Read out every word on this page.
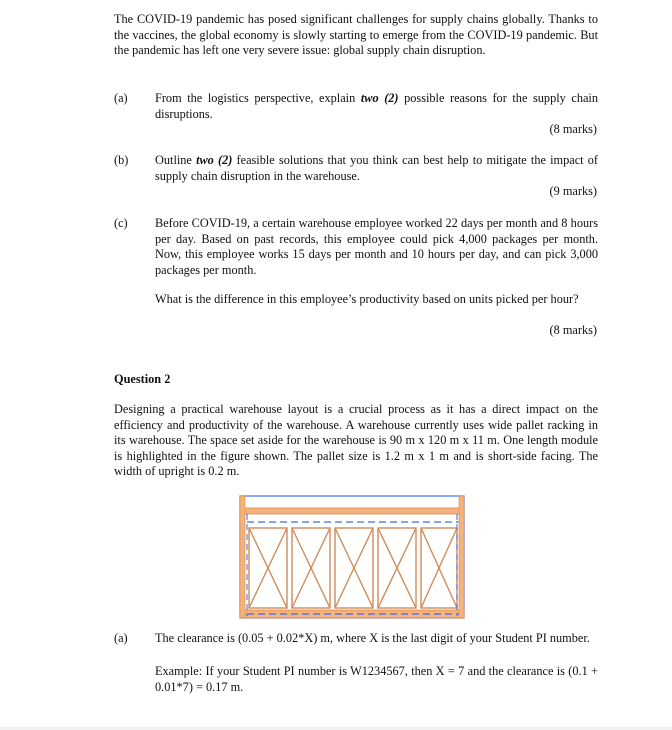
The COVID-19 pandemic has posed significant challenges for supply chains globally. Thanks to the vaccines, the global economy is slowly starting to emerge from the COVID-19 pandemic. But the pandemic has left one very severe issue: global supply chain disruption.

(a) From the logistics perspective, explain two (2) possible reasons for the supply chain disruptions.

(8 marks)
(b) Outline two (2) feasible solutions that you think can best help to mitigate the impact of supply chain disruption in the warehouse.

(9 marks)
(c) Before COVID-19, a certain warehouse employee worked 22 days per month and 8 hours per day. Based on past records, this employee could pick 4,000 packages per month. Now, this employee works 15 days per month and 10 hours per day, and can pick 3,000 packages per month.

What is the difference in this employee’s productivity based on units picked per hour?

(8 marks)
Question 2

Designing a practical warehouse layout is a crucial process as it has a direct impact on the efficiency and productivity of the warehouse. A warehouse currently uses wide pallet racking in its warehouse. The space set aside for the warehouse is 90 m x 120 m x 11 m. One length module is highlighted in the figure shown. The pallet size is 1.2 m x 1 m and is short-side facing. The width of upright is 0.2 m.

(a) The clearance is (0.05 + 0.02*X) m, where X is the last digit of your Student PI number.

Example: If your Student PI number is W1234567, then X = 7 and the clearance is (0.1 + 0.01*7) = 0.17 m.
